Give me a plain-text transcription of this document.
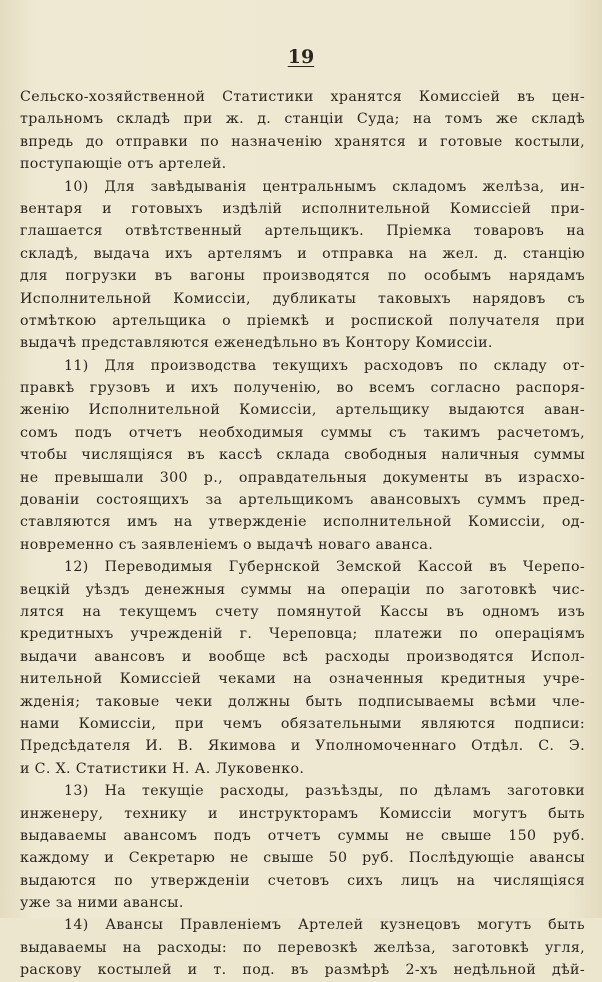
19
Сельско-хозяйственной Статистики хранятся Комиссiей въ цен-
тральномъ складѣ при ж. д. станцiи Суда; на томъ же складѣ
впредь до отправки по назначенiю хранятся и готовые костыли,
поступающiе отъ артелей.
10) Для завѣдыванiя центральнымъ складомъ желѣза, ин-
вентаря и готовыхъ издѣлiй исполнительной Комиссiей при-
глашается отвѣтственный артельщикъ. Прiемка товаровъ на
складѣ, выдача ихъ артелямъ и отправка на жел. д. станцiю
для погрузки въ вагоны производятся по особымъ нарядамъ
Исполнительной Комиссiи, дубликаты таковыхъ нарядовъ съ
отмѣткою артельщика о прiемкѣ и роспиской получателя при
выдачѣ представляются еженедѣльно въ Контору Комиссiи.
11) Для производства текущихъ расходовъ по складу от-
правкѣ грузовъ и ихъ полученiю, во всемъ согласно распоря-
женiю Исполнительной Комиссiи, артельщику выдаются аван-
сомъ подъ отчетъ необходимыя суммы съ такимъ расчетомъ,
чтобы числящiяся въ кассѣ склада свободныя наличныя суммы
не превышали 300 р., оправдательныя документы въ израсхо-
дованiи состоящихъ за артельщикомъ авансовыхъ суммъ пред-
ставляются имъ на утвержденiе исполнительной Комиссiи, од-
новременно съ заявленiемъ о выдачѣ новаго аванса.
12) Переводимыя Губернской Земской Кассой въ Черепо-
вецкiй уѣздъ денежныя суммы на операцiи по заготовкѣ чис-
лятся на текущемъ счету помянутой Кассы въ одномъ изъ
кредитныхъ учрежденiй г. Череповца; платежи по операцiямъ
выдачи авансовъ и вообще всѣ расходы производятся Испол-
нительной Комиссiей чеками на означенныя кредитныя учре-
жденiя; таковые чеки должны быть подписываемы всѣми чле-
нами Комиссiи, при чемъ обязательными являются подписи:
Предсѣдателя И. В. Якимова и Уполномоченнаго Отдѣл. С. Э.
и С. Х. Статистики Н. А. Луковенко.
13) На текущiе расходы, разъѣзды, по дѣламъ заготовки
инженеру, технику и инструкторамъ Комиссiи могутъ быть
выдаваемы авансомъ подъ отчетъ суммы не свыше 150 руб.
каждому и Секретарю не свыше 50 руб. Послѣдующiе авансы
выдаются по утвержденiи счетовъ сихъ лицъ на числящiяся
уже за ними авансы.
14) Авансы Правленiемъ Артелей кузнецовъ могутъ быть
выдаваемы на расходы: по перевозкѣ желѣза, заготовкѣ угля,
раскову костылей и т. под. въ размѣрѣ 2-хъ недѣльной дѣй-
